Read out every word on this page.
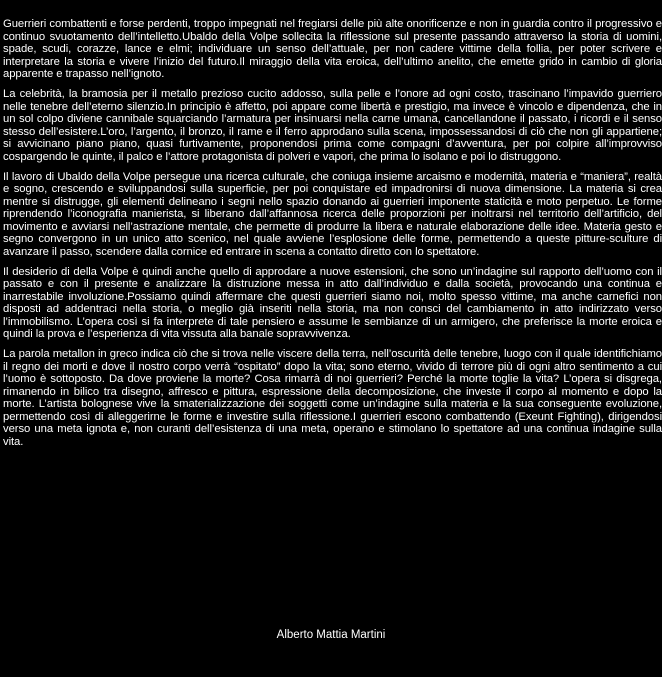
Guerrieri combattenti e forse perdenti, troppo impegnati nel fregiarsi delle più alte onorificenze e non in guardia contro il progressivo e continuo svuotamento dell’intelletto.Ubaldo della Volpe sollecita la riflessione sul presente passando attraverso la storia di uomini, spade, scudi, corazze, lance e elmi; individuare un senso dell’attuale, per non cadere vittime della follia, per poter scrivere e interpretare la storia e vivere l’inizio del futuro.Il miraggio della vita eroica, dell’ultimo anelito, che emette grido in cambio di gloria apparente e trapasso nell’ignoto.

La celebrità, la bramosia per il metallo prezioso cucito addosso, sulla pelle e l’onore ad ogni costo, trascinano l’impavido guerriero nelle tenebre dell’eterno silenzio.In principio è affetto, poi appare come libertà e prestigio, ma invece è vincolo e dipendenza, che in un sol colpo diviene cannibale squarciando l’armatura per insinuarsi nella carne umana, cancellandone il passato, i ricordi e il senso stesso dell’esistere.L’oro, l’argento, il bronzo, il rame e il ferro approdano sulla scena, impossessandosi di ciò che non gli appartiene; si avvicinano piano piano, quasi furtivamente, proponendosi prima come compagni d’avventura, per poi colpire all’improvviso cospargendo le quinte, il palco e l’attore protagonista di polveri e vapori, che prima lo isolano e poi lo distruggono.

Il lavoro di Ubaldo della Volpe persegue una ricerca culturale, che coniuga insieme arcaismo e modernità, materia e “maniera”, realtà e sogno, crescendo e sviluppandosi sulla superficie, per poi conquistare ed impadronirsi di nuova dimensione. La materia si crea mentre si distrugge, gli elementi delineano i segni nello spazio donando ai guerrieri imponente staticità e moto perpetuo. Le forme riprendendo l’iconografia manierista, si liberano dall’affannosa ricerca delle proporzioni per inoltrarsi nel territorio dell’artificio, del movimento e avviarsi nell’astrazione mentale, che permette di produrre la libera e naturale elaborazione delle idee. Materia gesto e segno convergono in un unico atto scenico, nel quale avviene l’esplosione delle forme, permettendo a queste pitture-sculture di avanzare il passo, scendere dalla cornice ed entrare in scena a contatto diretto con lo spettatore.

Il desiderio di della Volpe è quindi anche quello di approdare a nuove estensioni, che sono un’indagine sul rapporto dell’uomo con il passato e con il presente e analizzare la distruzione messa in atto dall’individuo e dalla società, provocando una continua e inarrestabile involuzione.Possiamo quindi affermare che questi guerrieri siamo noi, molto spesso vittime, ma anche carnefici non disposti ad addentraci nella storia, o meglio già inseriti nella storia, ma non consci del cambiamento in atto indirizzato verso l’immobilismo. L’opera così si fa interprete di tale pensiero e assume le sembianze di un armigero, che preferisce la morte eroica e quindi la prova e l’esperienza di vita vissuta alla banale sopravvivenza.

La parola metallon in greco indica ciò che si trova nelle viscere della terra, nell’oscurità delle tenebre, luogo con il quale identifichiamo il regno dei morti e dove il nostro corpo verrà “ospitato” dopo la vita; sono eterno, vivido di terrore più di ogni altro sentimento a cui l’uomo è sottoposto. Da dove proviene la morte? Cosa rimarrà di noi guerrieri? Perché la morte toglie la vita? L’opera si disgrega, rimanendo in bilico tra disegno, affresco e pittura, espressione della decomposizione, che investe il corpo al momento e dopo la morte. L’artista bolognese vive la smaterializzazione dei soggetti come un’indagine sulla materia e la sua conseguente evoluzione, permettendo così di alleggerirne le forme e investire sulla riflessione.I guerrieri escono combattendo (Exeunt Fighting), dirigendosi verso una meta ignota e, non curanti dell’esistenza di una meta, operano e stimolano lo spettatore ad una continua indagine sulla vita.

Alberto Mattia Martini
